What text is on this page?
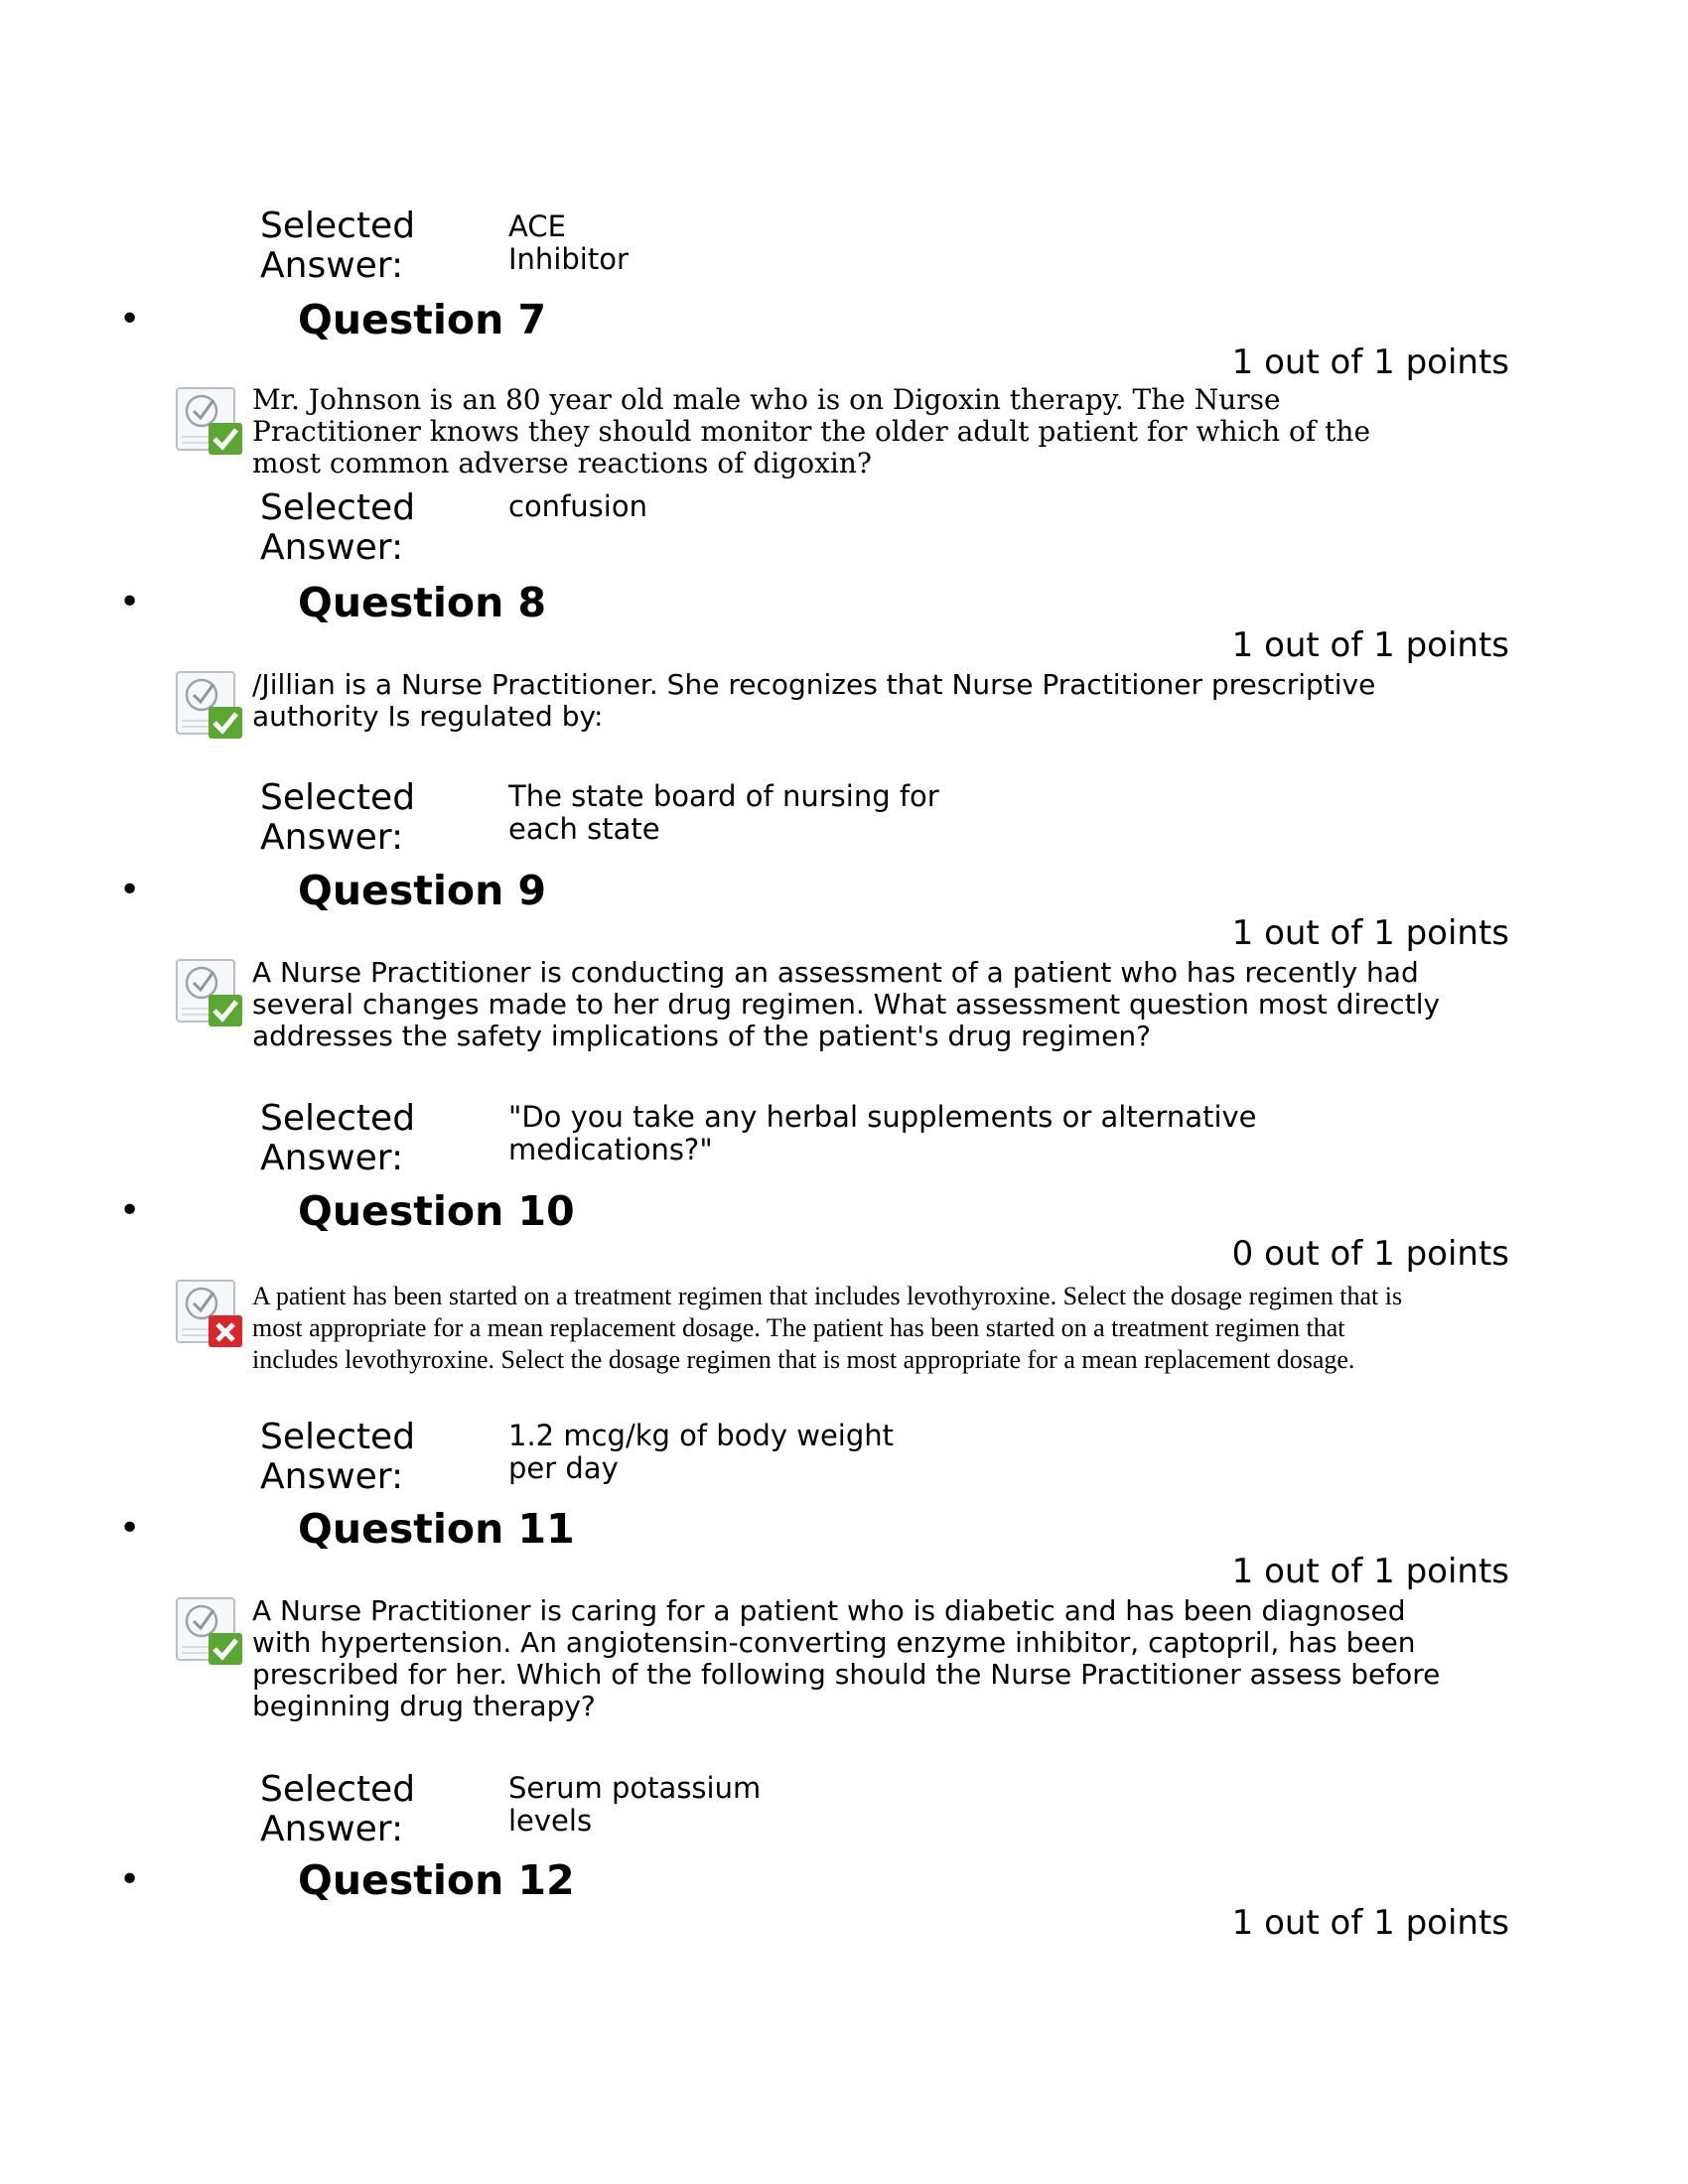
Selected Answer:
ACE Inhibitor
•	Question 7
1 out of 1 points
Mr. Johnson is an 80 year old male who is on Digoxin therapy. The Nurse Practitioner knows they should monitor the older adult patient for which of the most common adverse reactions of digoxin?
Selected Answer:
confusion
•	Question 8
1 out of 1 points
/Jillian is a Nurse Practitioner. She recognizes that Nurse Practitioner prescriptive authority Is regulated by:
Selected Answer:
The state board of nursing for each state
•	Question 9
1 out of 1 points
A Nurse Practitioner is conducting an assessment of a patient who has recently had several changes made to her drug regimen. What assessment question most directly addresses the safety implications of the patient's drug regimen?
Selected Answer:
"Do you take any herbal supplements or alternative medications?"
•	Question 10
0 out of 1 points
A patient has been started on a treatment regimen that includes levothyroxine. Select the dosage regimen that is most appropriate for a mean replacement dosage. The patient has been started on a treatment regimen that includes levothyroxine. Select the dosage regimen that is most appropriate for a mean replacement dosage.
Selected Answer:
1.2 mcg/kg of body weight per day
•	Question 11
1 out of 1 points
A Nurse Practitioner is caring for a patient who is diabetic and has been diagnosed with hypertension. An angiotensin-converting enzyme inhibitor, captopril, has been prescribed for her. Which of the following should the Nurse Practitioner assess before beginning drug therapy?
Selected Answer:
Serum potassium levels
•	Question 12
1 out of 1 points
